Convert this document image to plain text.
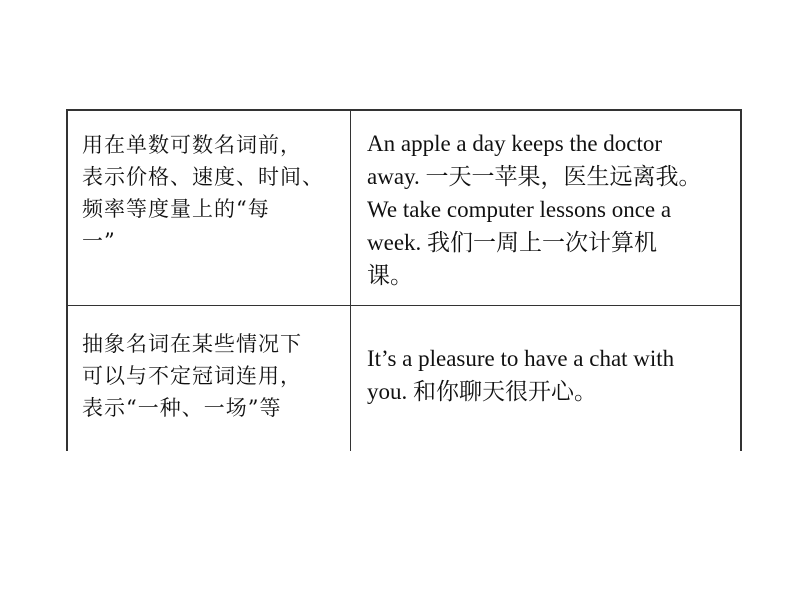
用在单数可数名词前，
表示价格、速度、时间、
频率等度量上的“每
一”
An apple a day keeps the doctor
away. 一天一苹果，医生远离我。
We take computer lessons once a
week. 我们一周上一次计算机
课。
抽象名词在某些情况下
可以与不定冠词连用，
表示“一种、一场”等
It’s a pleasure to have a chat with
you. 和你聊天很开心。
